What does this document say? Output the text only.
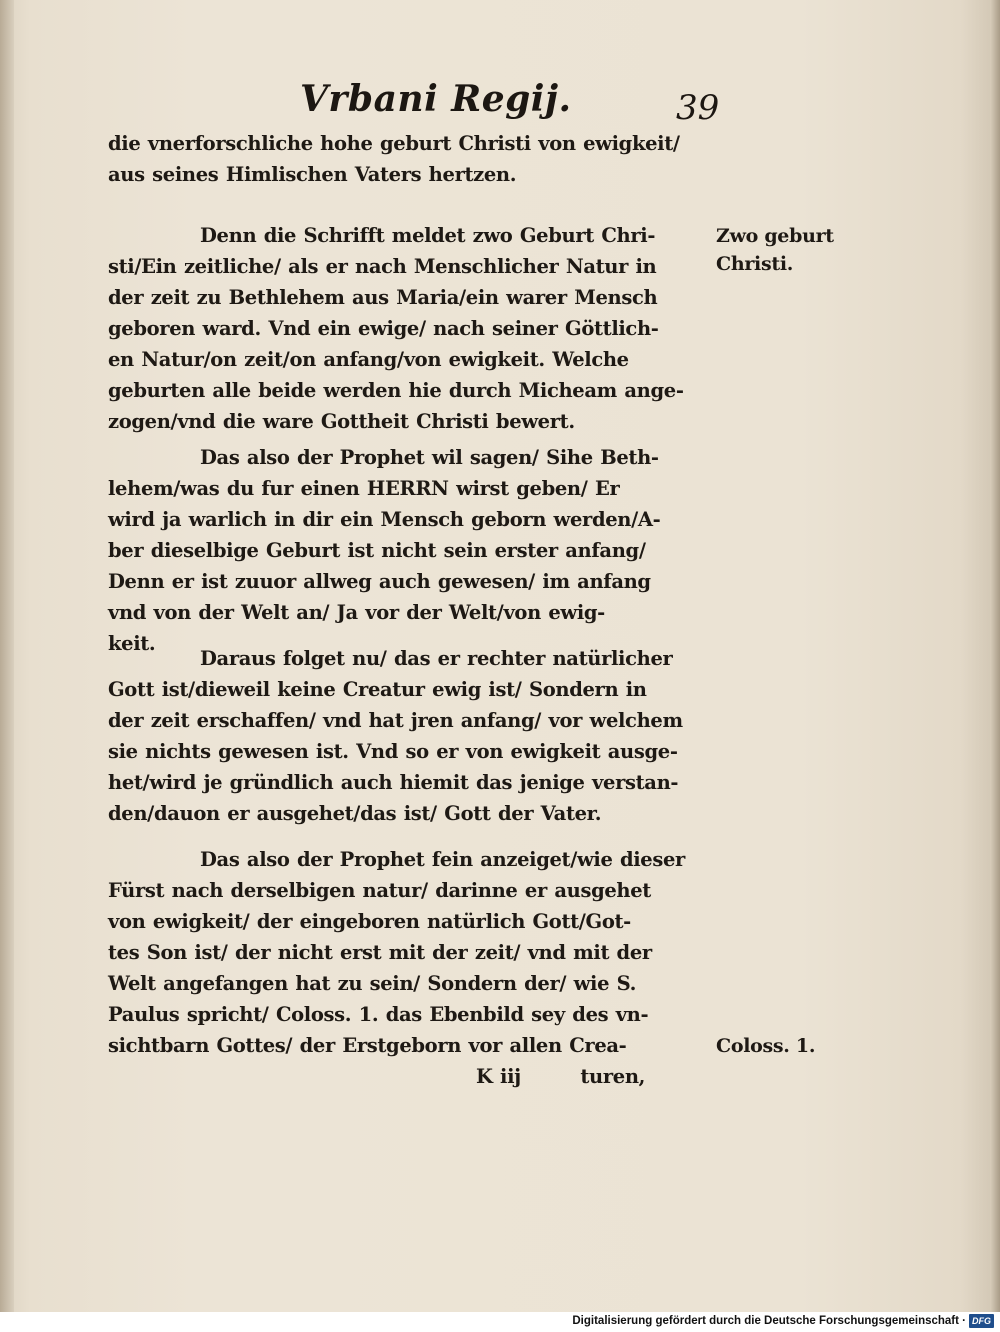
Vrbani Regij.	39
die vnerforschliche hohe geburt Christi von ewigkeit/
aus seines Himlischen Vaters hertzen.
Denn die Schrifft meldet zwo Geburt Chri-
sti/Ein zeitliche/ als er nach Menschlicher Natur in
der zeit zu Bethlehem aus Maria/ein warer Mensch
geboren ward. Vnd ein ewige/ nach seiner Göttlich-
en Natur/on zeit/on anfang/von ewigkeit. Welche
geburten alle beide werden hie durch Micheam ange-
zogen/vnd die ware Gottheit Christi bewert.
Das also der Prophet wil sagen/ Sihe Beth-
lehem/was du fur einen HERRN wirst geben/ Er
wird ja warlich in dir ein Mensch geborn werden/A-
ber dieselbige Geburt ist nicht sein erster anfang/
Denn er ist zuuor allweg auch gewesen/ im anfang
vnd von der Welt an/ Ja vor der Welt/von ewig-
keit.
Daraus folget nu/ das er rechter natürlicher
Gott ist/dieweil keine Creatur ewig ist/ Sondern in
der zeit erschaffen/ vnd hat jren anfang/ vor welchem
sie nichts gewesen ist. Vnd so er von ewigkeit ausge-
het/wird je gründlich auch hiemit das jenige verstan-
den/dauon er ausgehet/das ist/ Gott der Vater.
Das also der Prophet fein anzeiget/wie dieser
Fürst nach derselbigen natur/ darinne er ausgehet
von ewigkeit/ der eingeboren natürlich Gott/Got-
tes Son ist/ der nicht erst mit der zeit/ vnd mit der
Welt angefangen hat zu sein/ Sondern der/ wie S.
Paulus spricht/ Coloss. 1. das Ebenbild sey des vn-
sichtbarn Gottes/ der Erstgeborn vor allen Crea-
K iij        turen,
Zwo geburt
Christi.
Coloss. 1.
Digitalisierung gefördert durch die Deutsche Forschungsgemeinschaft · DFG
